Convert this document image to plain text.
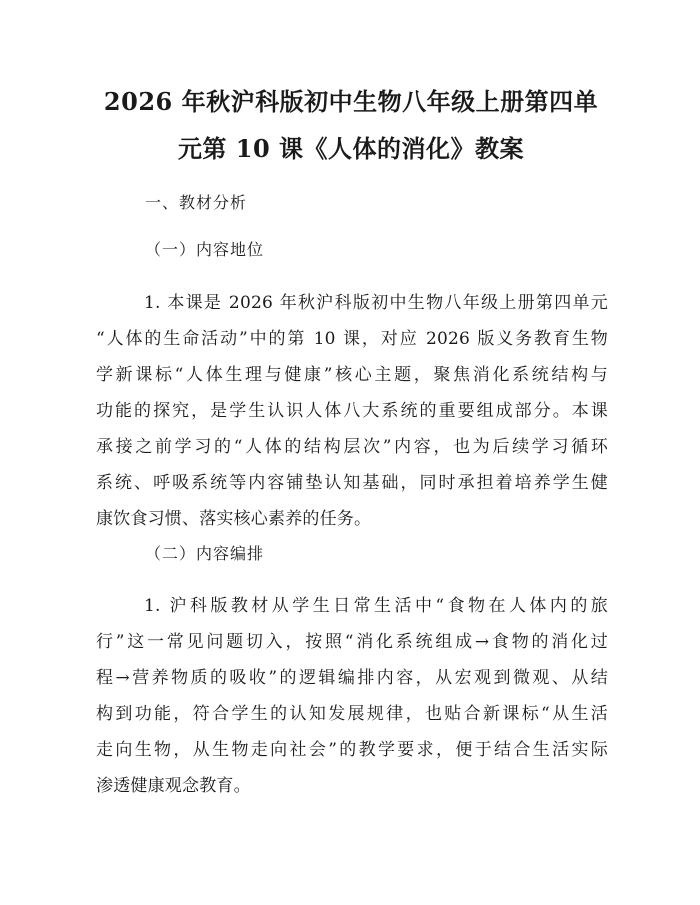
2026 年秋沪科版初中生物八年级上册第四单
元第 10 课《人体的消化》教案
一、教材分析
（一）内容地位
1. 本课是 2026 年秋沪科版初中生物八年级上册第四单元
“人体的生命活动”中的第 10 课，对应 2026 版义务教育生物
学新课标“人体生理与健康”核心主题，聚焦消化系统结构与
功能的探究，是学生认识人体八大系统的重要组成部分。本课
承接之前学习的“人体的结构层次”内容，也为后续学习循环
系统、呼吸系统等内容铺垫认知基础，同时承担着培养学生健
康饮食习惯、落实核心素养的任务。
（二）内容编排
1. 沪科版教材从学生日常生活中“食物在人体内的旅
行”这一常见问题切入，按照“消化系统组成→食物的消化过
程→营养物质的吸收”的逻辑编排内容，从宏观到微观、从结
构到功能，符合学生的认知发展规律，也贴合新课标“从生活
走向生物，从生物走向社会”的教学要求，便于结合生活实际
渗透健康观念教育。
